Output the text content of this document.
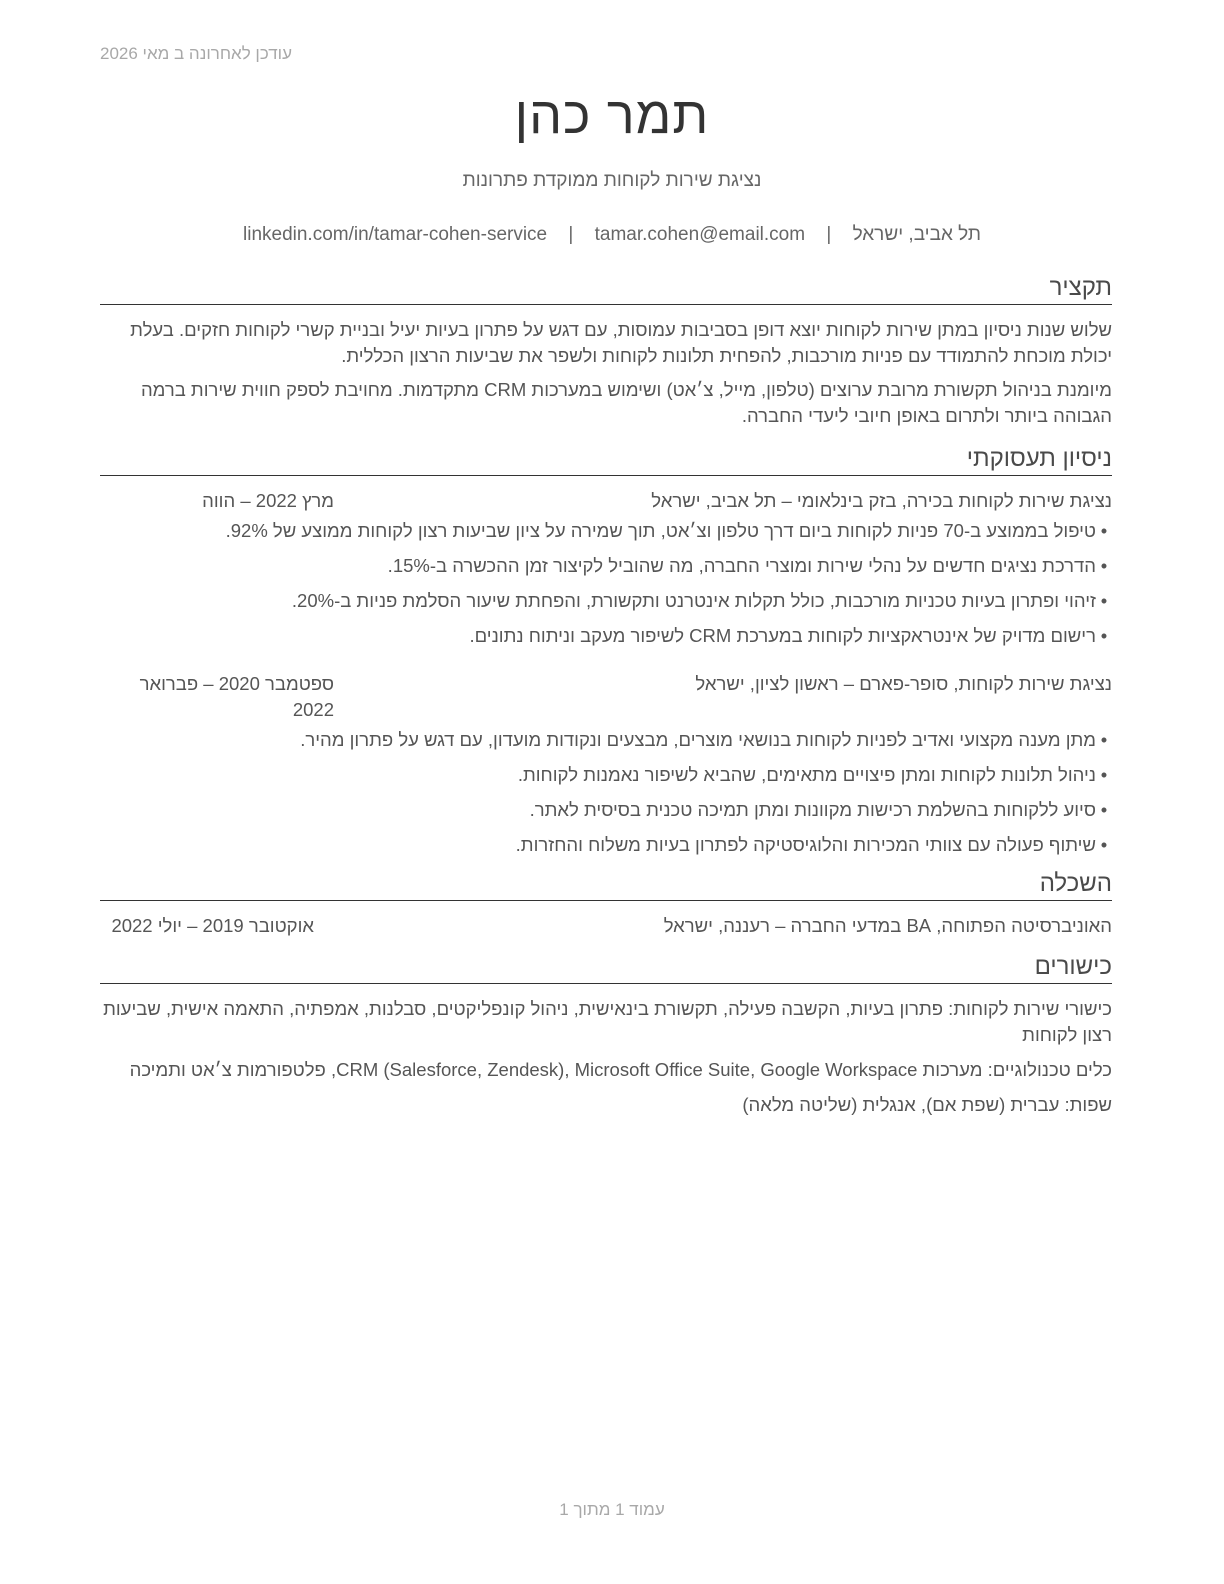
עודכן לאחרונה ב מאי 2026
תמר כהן
נציגת שירות לקוחות ממוקדת פתרונות
תל אביב, ישראל | tamar.cohen@email.com | linkedin.com/in/tamar-cohen-service
תקציר

שלוש שנות ניסיון במתן שירות לקוחות יוצא דופן בסביבות עמוסות, עם דגש על פתרון בעיות יעיל ובניית קשרי לקוחות חזקים. בעלת יכולת מוכחת להתמודד עם פניות מורכבות, להפחית תלונות לקוחות ולשפר את שביעות הרצון הכללית.

מיומנת בניהול תקשורת מרובת ערוצים (טלפון, מייל, צ׳אט) ושימוש במערכות CRM מתקדמות. מחויבת לספק חווית שירות ברמה הגבוהה ביותר ולתרום באופן חיובי ליעדי החברה.

ניסיון תעסוקתי
נציגת שירות לקוחות בכירה, בזק בינלאומי – תל אביב, ישראל
מרץ 2022 – הווה
•טיפול בממוצע ב-70 פניות לקוחות ביום דרך טלפון וצ׳אט, תוך שמירה על ציון שביעות רצון לקוחות ממוצע של 92%.
•הדרכת נציגים חדשים על נהלי שירות ומוצרי החברה, מה שהוביל לקיצור זמן ההכשרה ב-15%.
•זיהוי ופתרון בעיות טכניות מורכבות, כולל תקלות אינטרנט ותקשורת, והפחתת שיעור הסלמת פניות ב-20%.
•רישום מדויק של אינטראקציות לקוחות במערכת CRM לשיפור מעקב וניתוח נתונים.
נציגת שירות לקוחות, סופר-פארם – ראשון לציון, ישראל
ספטמבר 2020 – פברואר 2022
•מתן מענה מקצועי ואדיב לפניות לקוחות בנושאי מוצרים, מבצעים ונקודות מועדון, עם דגש על פתרון מהיר.
•ניהול תלונות לקוחות ומתן פיצויים מתאימים, שהביא לשיפור נאמנות לקוחות.
•סיוע ללקוחות בהשלמת רכישות מקוונות ומתן תמיכה טכנית בסיסית לאתר.
•שיתוף פעולה עם צוותי המכירות והלוגיסטיקה לפתרון בעיות משלוח והחזרות.
השכלה
האוניברסיטה הפתוחה, BA במדעי החברה – רעננה, ישראל
אוקטובר 2019 – יולי 2022
כישורים
כישורי שירות לקוחות: פתרון בעיות, הקשבה פעילה, תקשורת בינאישית, ניהול קונפליקטים, סבלנות, אמפתיה, התאמה אישית, שביעות רצון לקוחות
כלים טכנולוגיים: מערכות CRM (Salesforce, Zendesk), Microsoft Office Suite, Google Workspace, פלטפורמות צ׳אט ותמיכה
שפות: עברית (שפת אם), אנגלית (שליטה מלאה)
עמוד 1 מתוך 1
